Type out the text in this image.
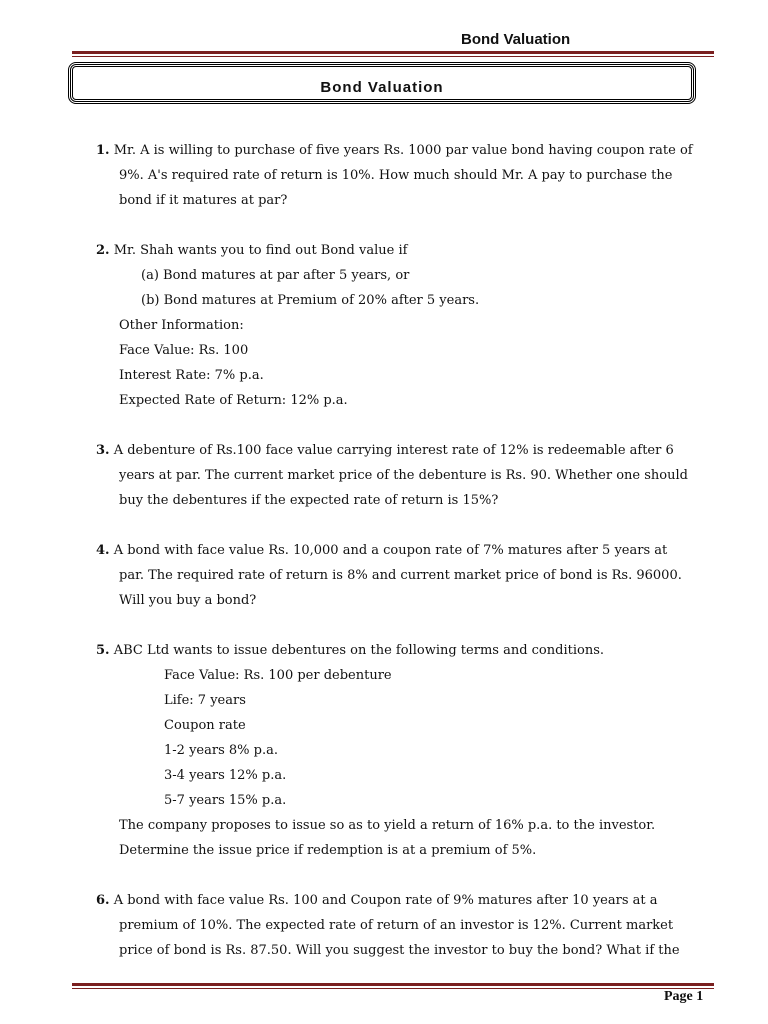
Bond Valuation
Bond Valuation
1. Mr. A is willing to purchase of five years Rs. 1000 par value bond having coupon rate of
9%. A's required rate of return is 10%. How much should Mr. A pay to purchase the
bond if it matures at par?
2. Mr. Shah wants you to find out Bond value if
(a) Bond matures at par after 5 years, or
(b) Bond matures at Premium of 20% after 5 years.
Other Information:
Face Value: Rs. 100
Interest Rate: 7% p.a.
Expected Rate of Return: 12% p.a.
3. A debenture of Rs.100 face value carrying interest rate of 12% is redeemable after 6
years at par. The current market price of the debenture is Rs. 90. Whether one should
buy the debentures if the expected rate of return is 15%?
4. A bond with face value Rs. 10,000 and a coupon rate of 7% matures after 5 years at
par. The required rate of return is 8% and current market price of bond is Rs. 96000.
Will you buy a bond?
5. ABC Ltd wants to issue debentures on the following terms and conditions.
Face Value: Rs. 100 per debenture
Life: 7 years
Coupon rate
1-2 years 8% p.a.
3-4 years 12% p.a.
5-7 years 15% p.a.
The company proposes to issue so as to yield a return of 16% p.a. to the investor.
Determine the issue price if redemption is at a premium of 5%.
6. A bond with face value Rs. 100 and Coupon rate of 9% matures after 10 years at a
premium of 10%. The expected rate of return of an investor is 12%. Current market
price of bond is Rs. 87.50. Will you suggest the investor to buy the bond? What if the
Page 1
